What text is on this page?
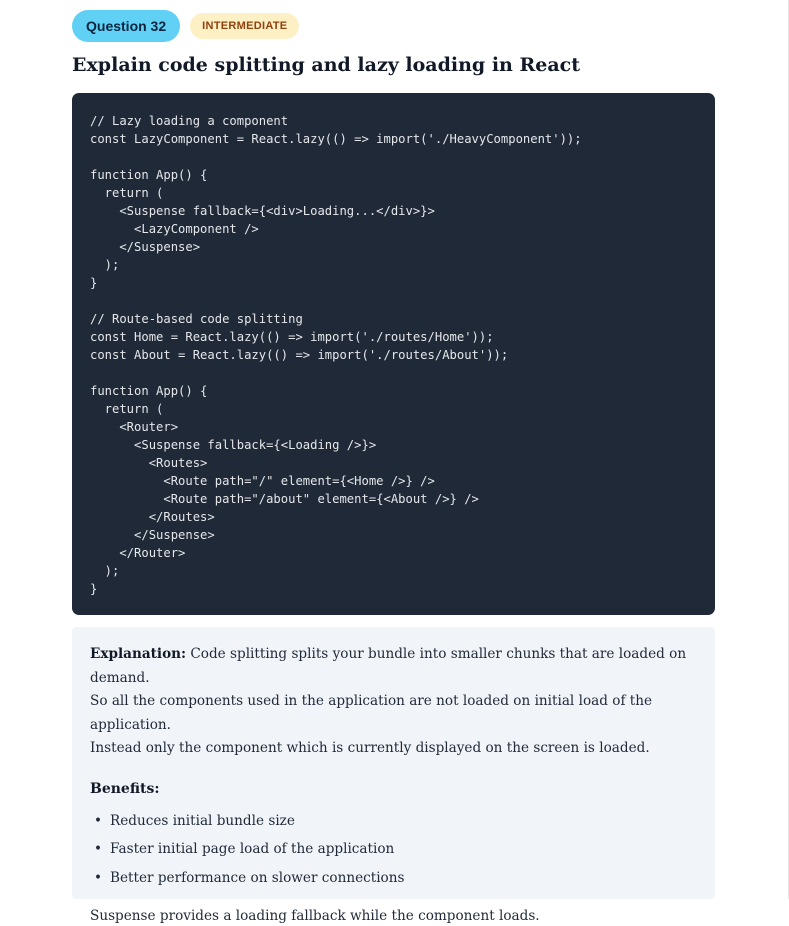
Question 32	INTERMEDIATE
Explain code splitting and lazy loading in React
// Lazy loading a component
const LazyComponent = React.lazy(() => import('./HeavyComponent'));

function App() {
return (
<Suspense fallback={<div>Loading...</div>}>
<LazyComponent />
</Suspense>
);
}

// Route-based code splitting
const Home = React.lazy(() => import('./routes/Home'));
const About = React.lazy(() => import('./routes/About'));

function App() {
return (
<Router>
<Suspense fallback={<Loading />}>
<Routes>
<Route path="/" element={<Home />} />
<Route path="/about" element={<About />} />
</Routes>
</Suspense>
</Router>
);
}

Explanation: Code splitting splits your bundle into smaller chunks that are loaded on demand.
So all the components used in the application are not loaded on initial load of the application.
Instead only the component which is currently displayed on the screen is loaded.

Benefits:

• Reduces initial bundle size
• Faster initial page load of the application
• Better performance on slower connections

Suspense provides a loading fallback while the component loads.
